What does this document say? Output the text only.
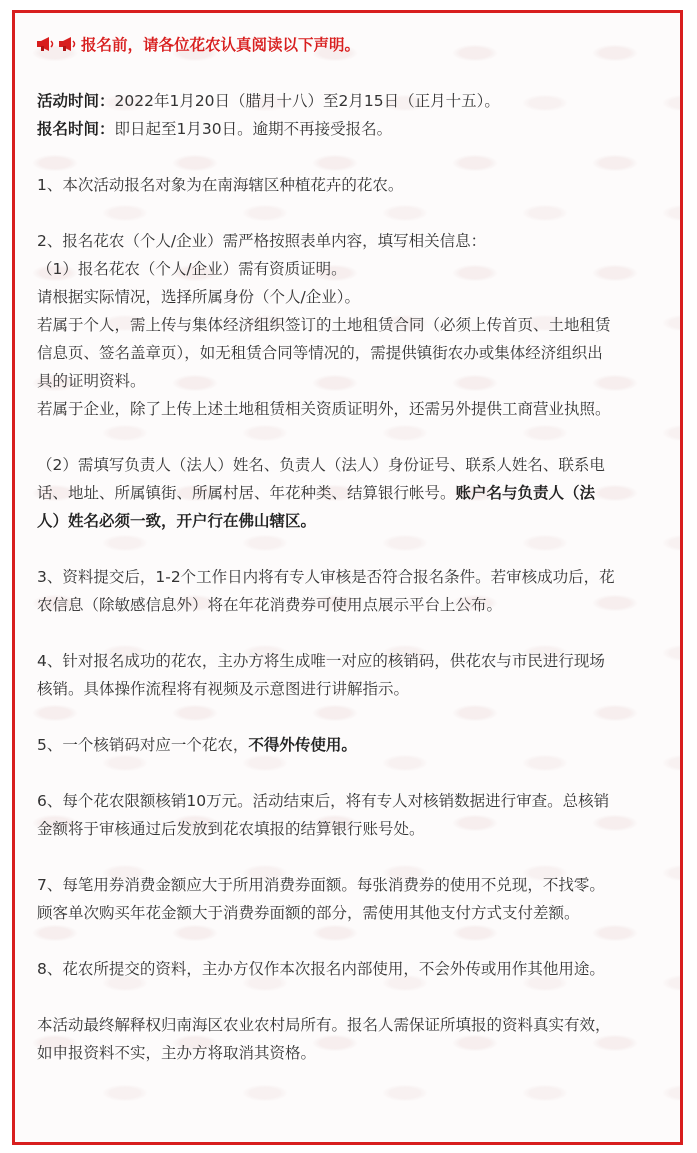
报名前，请各位花农认真阅读以下声明。
活动时间：2022年1月20日（腊月十八）至2月15日（正月十五）。
报名时间：即日起至1月30日。逾期不再接受报名。
1、本次活动报名对象为在南海辖区种植花卉的花农。
2、报名花农（个人/企业）需严格按照表单内容，填写相关信息：
（1）报名花农（个人/企业）需有资质证明。
请根据实际情况，选择所属身份（个人/企业）。
若属于个人，需上传与集体经济组织签订的土地租赁合同（必须上传首页、土地租赁
信息页、签名盖章页），如无租赁合同等情况的，需提供镇街农办或集体经济组织出
具的证明资料。
若属于企业，除了上传上述土地租赁相关资质证明外，还需另外提供工商营业执照。
（2）需填写负责人（法人）姓名、负责人（法人）身份证号、联系人姓名、联系电
话、地址、所属镇街、所属村居、年花种类、结算银行帐号。账户名与负责人（法
人）姓名必须一致，开户行在佛山辖区。
3、资料提交后，1-2个工作日内将有专人审核是否符合报名条件。若审核成功后，花
农信息（除敏感信息外）将在年花消费券可使用点展示平台上公布。
4、针对报名成功的花农，主办方将生成唯一对应的核销码，供花农与市民进行现场
核销。具体操作流程将有视频及示意图进行讲解指示。
5、一个核销码对应一个花农，不得外传使用。
6、每个花农限额核销10万元。活动结束后，将有专人对核销数据进行审查。总核销
金额将于审核通过后发放到花农填报的结算银行账号处。
7、每笔用券消费金额应大于所用消费券面额。每张消费券的使用不兑现，不找零。
顾客单次购买年花金额大于消费券面额的部分，需使用其他支付方式支付差额。
8、花农所提交的资料，主办方仅作本次报名内部使用，不会外传或用作其他用途。
本活动最终解释权归南海区农业农村局所有。报名人需保证所填报的资料真实有效，
如申报资料不实，主办方将取消其资格。
